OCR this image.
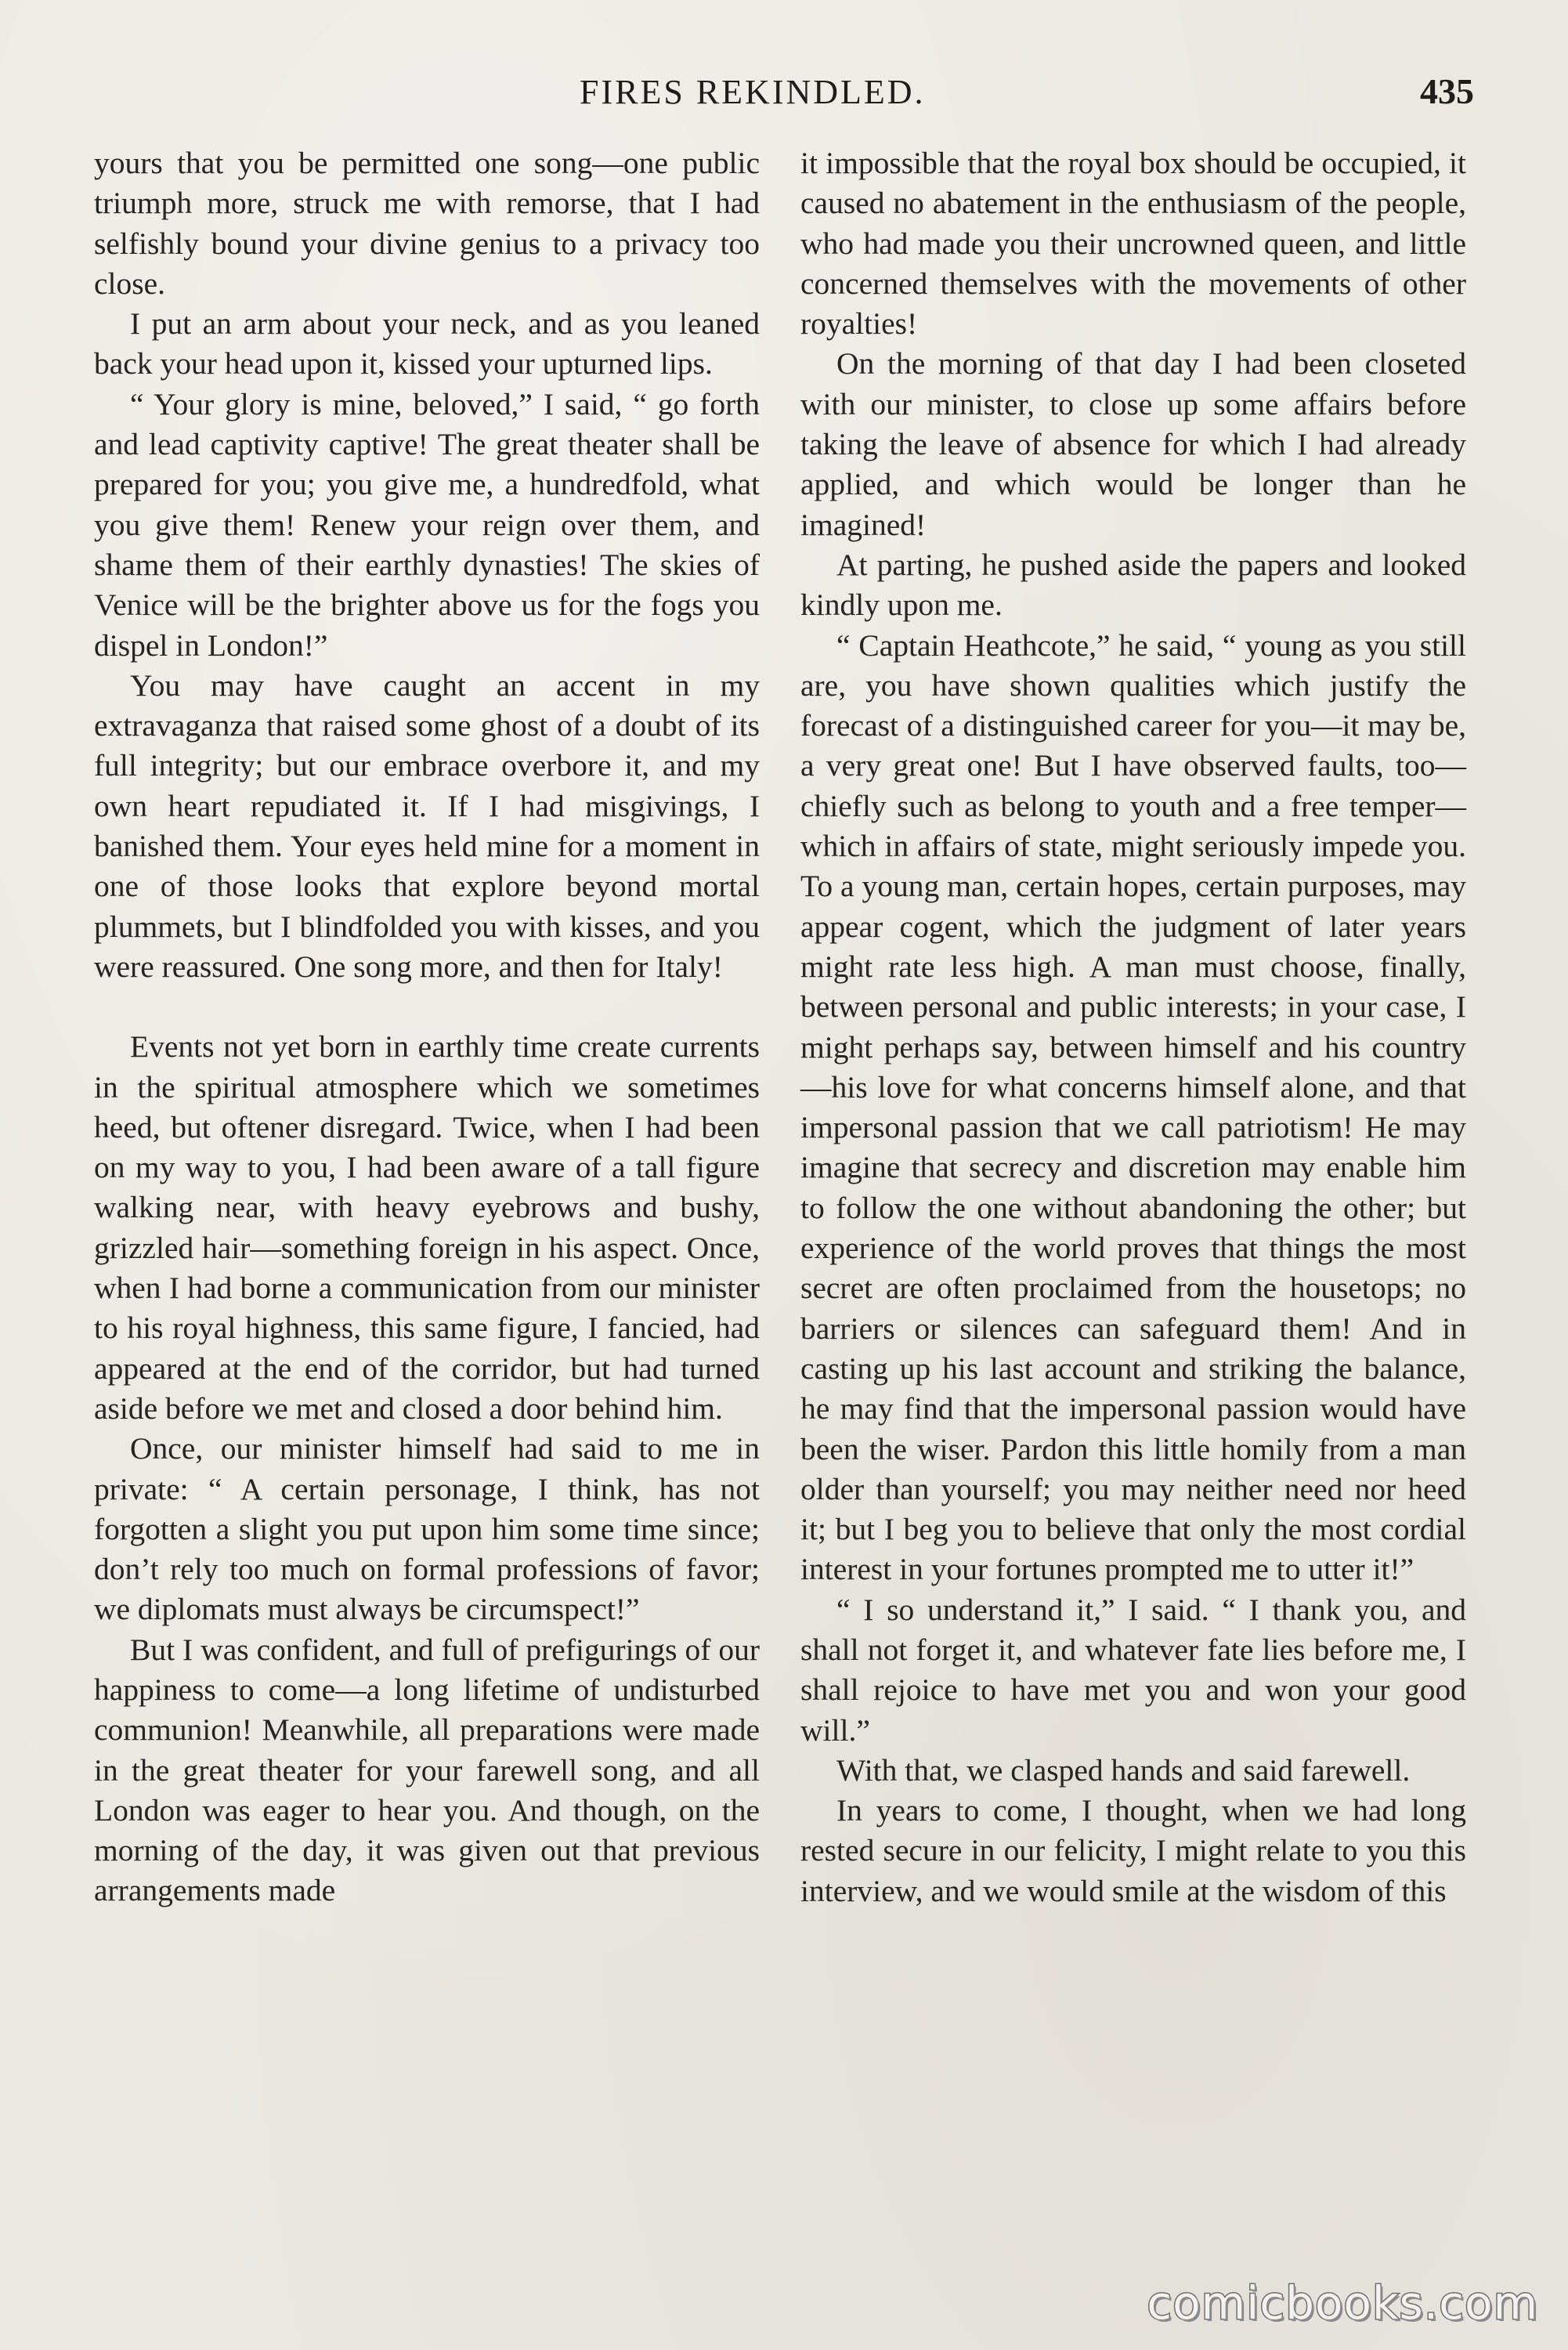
FIRES REKINDLED.	435

yours that you be permitted one song—one public triumph more, struck me with remorse, that I had selfishly bound your divine genius to a privacy too close.

I put an arm about your neck, and as you leaned back your head upon it, kissed your upturned lips.

“ Your glory is mine, beloved,” I said, “ go forth and lead captivity captive! The great theater shall be prepared for you; you give me, a hundredfold, what you give them! Renew your reign over them, and shame them of their earthly dynasties! The skies of Venice will be the brighter above us for the fogs you dispel in London!”

You may have caught an accent in my extravaganza that raised some ghost of a doubt of its full integrity; but our embrace overbore it, and my own heart repudiated it. If I had misgivings, I banished them. Your eyes held mine for a moment in one of those looks that explore beyond mortal plummets, but I blindfolded you with kisses, and you were reassured. One song more, and then for Italy!

Events not yet born in earthly time create currents in the spiritual atmosphere which we sometimes heed, but oftener disregard. Twice, when I had been on my way to you, I had been aware of a tall figure walking near, with heavy eyebrows and bushy, grizzled hair—something foreign in his aspect. Once, when I had borne a communication from our minister to his royal highness, this same figure, I fancied, had appeared at the end of the corridor, but had turned aside before we met and closed a door behind him.

Once, our minister himself had said to me in private: “ A certain personage, I think, has not forgotten a slight you put upon him some time since; don’t rely too much on formal professions of favor; we diplomats must always be circumspect!”

But I was confident, and full of prefigurings of our happiness to come—a long lifetime of undisturbed communion! Meanwhile, all preparations were made in the great theater for your farewell song, and all London was eager to hear you. And though, on the morning of the day, it was given out that previous arrangements made

it impossible that the royal box should be occupied, it caused no abatement in the enthusiasm of the people, who had made you their uncrowned queen, and little concerned themselves with the movements of other royalties!

On the morning of that day I had been closeted with our minister, to close up some affairs before taking the leave of absence for which I had already applied, and which would be longer than he imagined!

At parting, he pushed aside the papers and looked kindly upon me.

“ Captain Heathcote,” he said, “ young as you still are, you have shown qualities which justify the forecast of a distinguished career for you—it may be, a very great one! But I have observed faults, too—chiefly such as belong to youth and a free temper—which in affairs of state, might seriously impede you. To a young man, certain hopes, certain purposes, may appear cogent, which the judgment of later years might rate less high. A man must choose, finally, between personal and public interests; in your case, I might perhaps say, between himself and his country—his love for what concerns himself alone, and that impersonal passion that we call patriotism! He may imagine that secrecy and discretion may enable him to follow the one without abandoning the other; but experience of the world proves that things the most secret are often proclaimed from the housetops; no barriers or silences can safeguard them! And in casting up his last account and striking the balance, he may find that the impersonal passion would have been the wiser. Pardon this little homily from a man older than yourself; you may neither need nor heed it; but I beg you to believe that only the most cordial interest in your fortunes prompted me to utter it!”

“ I so understand it,” I said. “ I thank you, and shall not forget it, and whatever fate lies before me, I shall rejoice to have met you and won your good will.”

With that, we clasped hands and said farewell.

In years to come, I thought, when we had long rested secure in our felicity, I might relate to you this interview, and we would smile at the wisdom of this

comicbooks.com
